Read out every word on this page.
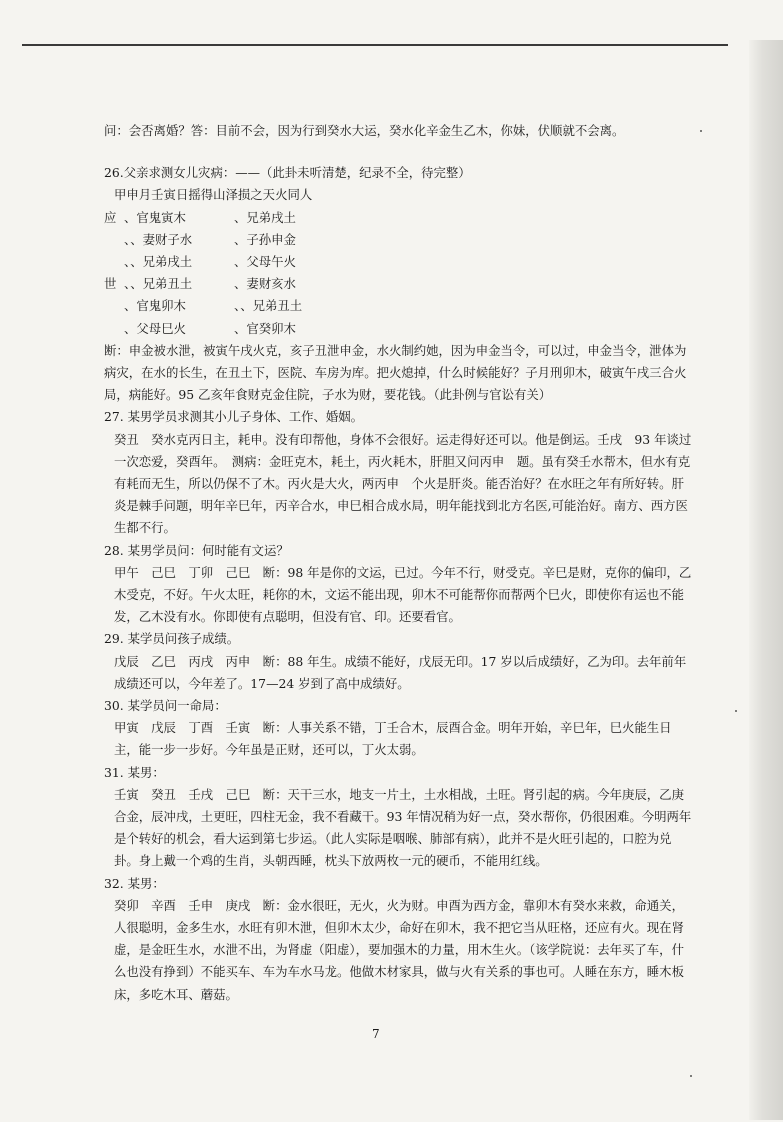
问：会否离婚？答：目前不会，因为行到癸水大运，癸水化辛金生乙木，你妹，伏顺就不会离。

26.父亲求测女儿灾病：——（此卦未听清楚，纪录不全，待完整）

甲申月壬寅日摇得山泽损之天火同人

应 、官鬼寅木	、兄弟戌土
、、妻财子水	、子孙申金
、、兄弟戌土	、父母午火
世 、、兄弟丑土	、妻财亥水
、官鬼卯木	、、兄弟丑土
、父母巳火	、官癸卯木

断：申金被水泄，被寅午戌火克，亥子丑泄申金，水火制约她，因为申金当令，可以过，申金当令，泄体为病灾，在水的长生，在丑土下，医院、车房为库。把火熄掉，什么时候能好？子月刑卯木，破寅午戌三合火局，病能好。95 乙亥年食财克金住院，子水为财，要花钱。（此卦例与官讼有关）

27. 某男学员求测其小儿子身体、工作、婚姻。

癸丑　癸水克丙日主，耗申。没有印帮他，身体不会很好。运走得好还可以。他是倒运。壬戌　93 年谈过一次恋爱，癸酉年。　测病：金旺克木，耗土，丙火耗木，肝胆又问丙申　题。虽有癸壬水帮木，但水有克有耗而无生，所以仍保不了木。丙火是大火，两丙申　个火是肝炎。能否治好？在水旺之年有所好转。肝炎是棘手问题，明年辛巳年，丙辛合水，申巳相合成水局，明年能找到北方名医,可能治好。南方、西方医生都不行。

28. 某男学员问：何时能有文运？

甲午　己巳　丁卯　己巳　断：98 年是你的文运，已过。今年不行，财受克。辛巳是财，克你的偏印，乙木受克，不好。午火太旺，耗你的木，文运不能出现，卯木不可能帮你而帮两个巳火，即使你有运也不能发，乙木没有水。你即使有点聪明，但没有官、印。还要看官。

29. 某学员问孩子成绩。

戊辰　乙巳　丙戌　丙申　断：88 年生。成绩不能好，戊辰无印。17 岁以后成绩好，乙为印。去年前年成绩还可以，今年差了。17—24 岁到了高中成绩好。

30. 某学员问一命局：

甲寅　戊辰　丁酉　壬寅　断：人事关系不错，丁壬合木，辰酉合金。明年开始，辛巳年，巳火能生日主，能一步一步好。今年虽是正财，还可以，丁火太弱。

31. 某男：

壬寅　癸丑　壬戌　己巳　断：天干三水，地支一片土，土水相战，土旺。肾引起的病。今年庚辰，乙庚合金，辰冲戌，土更旺，四柱无金，我不看藏干。93 年情况稍为好一点，癸水帮你，仍很困难。今明两年是个转好的机会，看大运到第七步运。（此人实际是咽喉、肺部有病），此并不是火旺引起的，口腔为兑卦。身上戴一个鸡的生肖，头朝西睡，枕头下放两枚一元的硬币，不能用红线。

32. 某男：

癸卯　辛酉　壬申　庚戌　断：金水很旺，无火，火为财。申酉为西方金，靠卯木有癸水来救，命通关，人很聪明，金多生水，水旺有卯木泄，但卯木太少，命好在卯木，我不把它当从旺格，还应有火。现在肾虚，是金旺生水，水泄不出，为肾虚（阳虚），要加强木的力量，用木生火。（该学院说：去年买了车，什么也没有挣到）不能买车、车为车水马龙。他做木材家具，做与火有关系的事也可。人睡在东方，睡木板床，多吃木耳、蘑菇。

7
